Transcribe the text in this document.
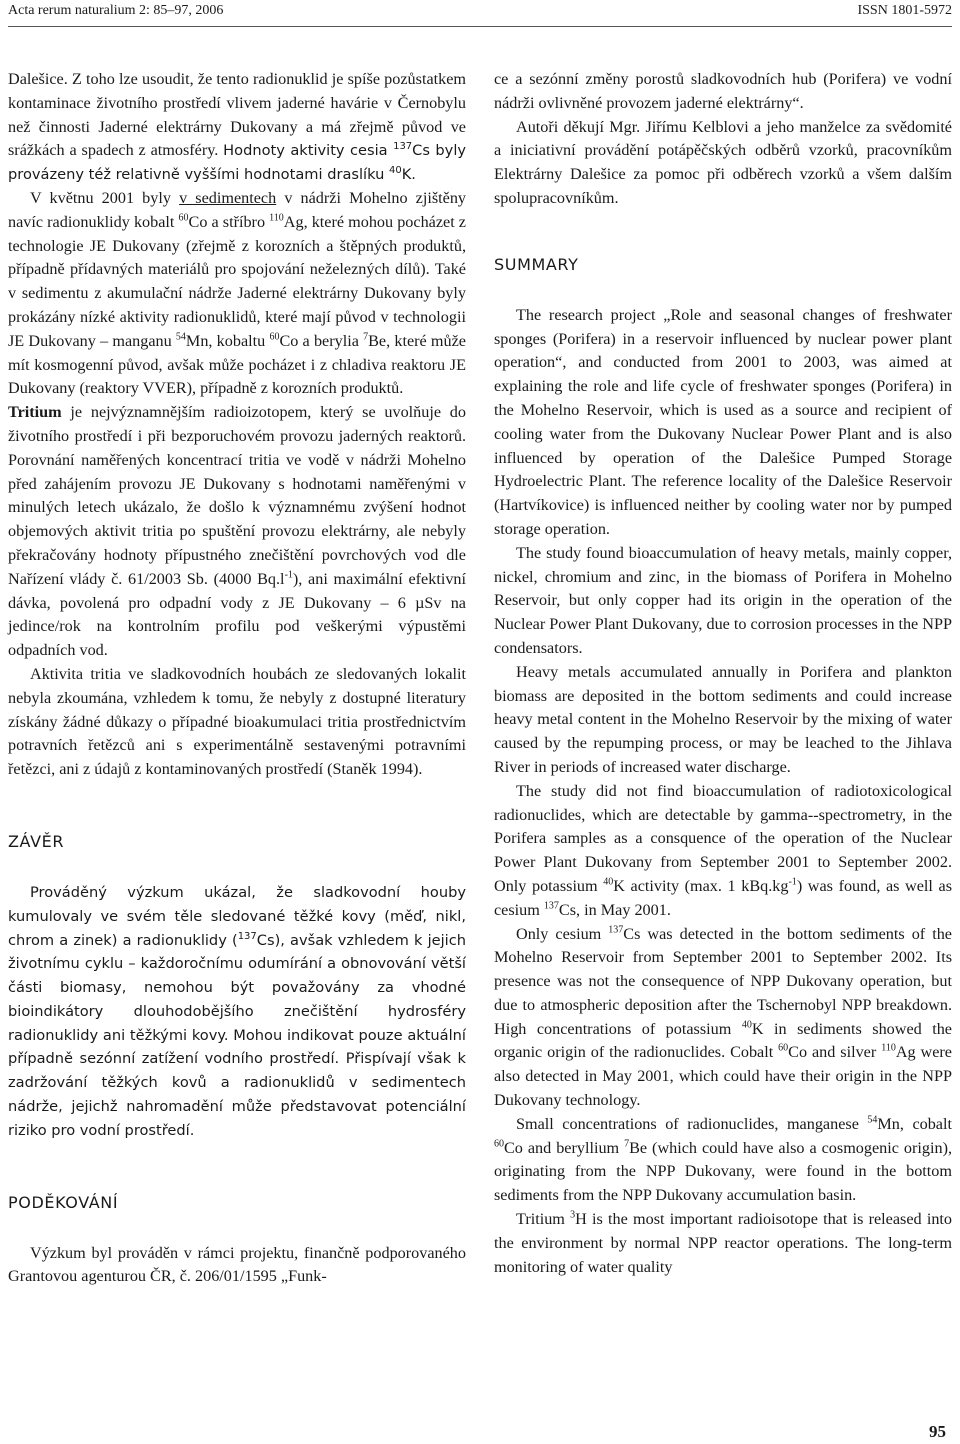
Acta rerum naturalium 2: 85–97, 2006	ISSN 1801-5972

Dalešice. Z toho lze usoudit, že tento radionuklid je spíše pozůstatkem kontaminace životního prostředí vlivem jaderné havárie v Černobylu než činnosti Jaderné elektrárny Dukovany a má zřejmě původ ve srážkách a spadech z atmosféry. Hodnoty aktivity cesia $^{137}$Cs byly provázeny též relativně vyššími hodnotami draslíku $^{40}$K.

V květnu 2001 byly v sedimentech v nádrži Mohelno zjištěny navíc radionuklidy kobalt $^{60}$Co a stříbro $^{110}$Ag, které mohou pocházet z technologie JE Dukovany (zřejmě z korozních a štěpných produktů, případně přídavných materiálů pro spojování neželezných dílů). Také v sedimentu z akumulační nádrže Jaderné elektrárny Dukovany byly prokázány nízké aktivity radionuklidů, které mají původ v technologii JE Dukovany – manganu $^{54}$Mn, kobaltu $^{60}$Co a berylia $^7$Be, které může mít kosmogenní původ, avšak může pocházet i z chladiva reaktoru JE Dukovany (reaktory VVER), případně z korozních produktů.

Tritium je nejvýznamnějším radioizotopem, který se uvolňuje do životního prostředí i při bezporuchovém provozu jaderných reaktorů. Porovnání naměřených koncentrací tritia ve vodě v nádrži Mohelno před zahájením provozu JE Dukovany s hodnotami naměřenými v minulých letech ukázalo, že došlo k významnému zvýšení hodnot objemových aktivit tritia po spuštění provozu elektrárny, ale nebyly překračovány hodnoty přípustného znečištění povrchových vod dle Nařízení vlády č. 61/2003 Sb. (4000 $Bq.l^{-1}$), ani maximální efektivní dávka, povolená pro odpadní vody z JE Dukovany – 6 µSv na jedince/rok na kontrolním profilu pod veškerými výpustěmi odpadních vod.

Aktivita tritia ve sladkovodních houbách ze sledovaných lokalit nebyla zkoumána, vzhledem k tomu, že nebyly z dostupné literatury získány žádné důkazy o případné bioakumulaci tritia prostřednictvím potravních řetězců ani s experimentálně sestavenými potravními řetězci, ani z údajů z kontaminovaných prostředí (Staněk 1994).

ZÁVĚR

Prováděný výzkum ukázal, že sladkovodní houby kumulovaly ve svém těle sledované těžké kovy (měď, nikl, chrom a zinek) a radionuklidy ($^{137}$Cs), avšak vzhledem k jejich životnímu cyklu – každoročnímu odumírání a obnovování větší části biomasy, nemohou být považovány za vhodné bioindikátory dlouhodobějšího znečištění hydrosféry radionuklidy ani těžkými kovy. Mohou indikovat pouze aktuální případně sezónní zatížení vodního prostředí. Přispívají však k zadržování těžkých kovů a radionuklidů v sedimentech nádrže, jejichž nahromadění může představovat potenciální riziko pro vodní prostředí.

PODĚKOVÁNÍ

Výzkum byl prováděn v rámci projektu, finančně podporovaného Grantovou agenturou ČR, č. 206/01/1595 „Funk-

ce a sezónní změny porostů sladkovodních hub (Porifera) ve vodní nádrži ovlivněné provozem jaderné elektrárny“.

Autoři děkují Mgr. Jiřímu Kelblovi a jeho manželce za svědomité a iniciativní provádění potápěčských odběrů vzorků, pracovníkům Elektrárny Dalešice za pomoc při odběrech vzorků a všem dalším spolupracovníkům.

SUMMARY

The research project „Role and seasonal changes of freshwater sponges (Porifera) in a reservoir influenced by nuclear power plant operation“, and conducted from 2001 to 2003, was aimed at explaining the role and life cycle of freshwater sponges (Porifera) in the Mohelno Reservoir, which is used as a source and recipient of cooling water from the Dukovany Nuclear Power Plant and is also influenced by operation of the Dalešice Pumped Storage Hydroelectric Plant. The reference locality of the Dalešice Reservoir (Hartvíkovice) is influenced neither by cooling water nor by pumped storage operation.

The study found bioaccumulation of heavy metals, mainly copper, nickel, chromium and zinc, in the biomass of Porifera in Mohelno Reservoir, but only copper had its origin in the operation of the Nuclear Power Plant Dukovany, due to corrosion processes in the NPP condensators.

Heavy metals accumulated annually in Porifera and plankton biomass are deposited in the bottom sediments and could increase heavy metal content in the Mohelno Reservoir by the mixing of water caused by the repumping process, or may be leached to the Jihlava River in periods of increased water discharge.

The study did not find bioaccumulation of radiotoxicological radionuclides, which are detectable by gamma--spectrometry, in the Porifera samples as a consquence of the operation of the Nuclear Power Plant Dukovany from September 2001 to September 2002. Only potassium $^{40}$K activity (max. 1 $kBq.kg^{-1}$) was found, as well as cesium $^{137}$Cs, in May 2001.

Only cesium $^{137}$Cs was detected in the bottom sediments of the Mohelno Reservoir from September 2001 to September 2002. Its presence was not the consequence of NPP Dukovany operation, but due to atmospheric deposition after the Tschernobyl NPP breakdown. High concentrations of potassium $^{40}$K in sediments showed the organic origin of the radionuclides. Cobalt $^{60}$Co and silver $^{110}$Ag were also detected in May 2001, which could have their origin in the NPP Dukovany technology.

Small concentrations of radionuclides, manganese $^{54}$Mn, cobalt $^{60}$Co and beryllium $^7$Be (which could have also a cosmogenic origin), originating from the NPP Dukovany, were found in the bottom sediments from the NPP Dukovany accumulation basin.

Tritium $^3$H is the most important radioisotope that is released into the environment by normal NPP reactor operations. The long-term monitoring of water quality

95
